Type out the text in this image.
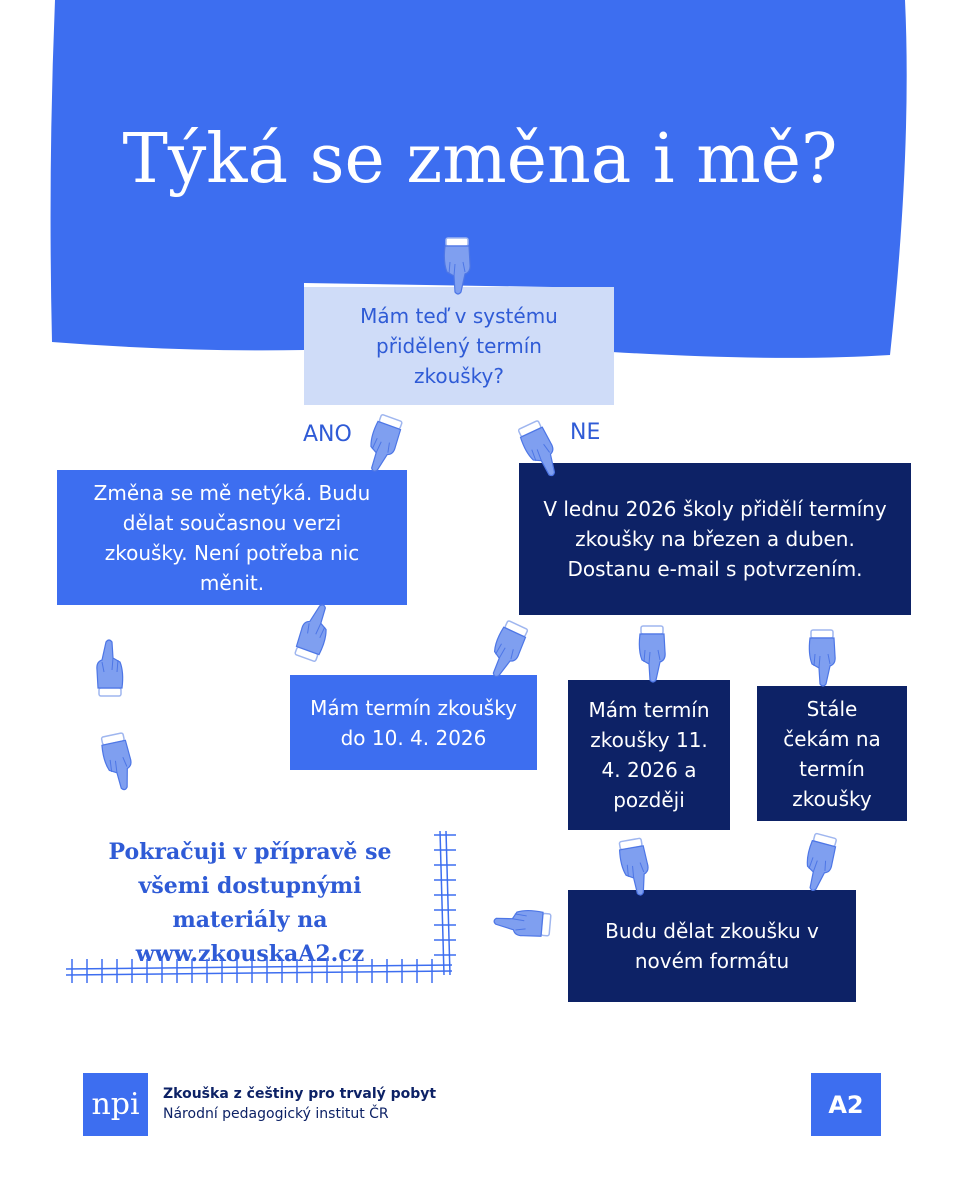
Týká se změna i mě?
Mám teď v systému přidělený termín zkoušky?
ANO	NE
Změna se mě netýká. Budu dělat současnou verzi zkoušky. Není potřeba nic měnit.
V lednu 2026 školy přidělí termíny zkoušky na březen a duben. Dostanu e-mail s potvrzením.
Mám termín zkoušky do 10. 4. 2026
Mám termín zkoušky 11. 4. 2026 a později
Stále čekám na termín zkoušky
Pokračuji v přípravě se všemi dostupnými materiály na www.zkouskaA2.cz
Budu dělat zkoušku v novém formátu
npi Zkouška z češtiny pro trvalý pobyt
Národní pedagogický institut ČR	A2
